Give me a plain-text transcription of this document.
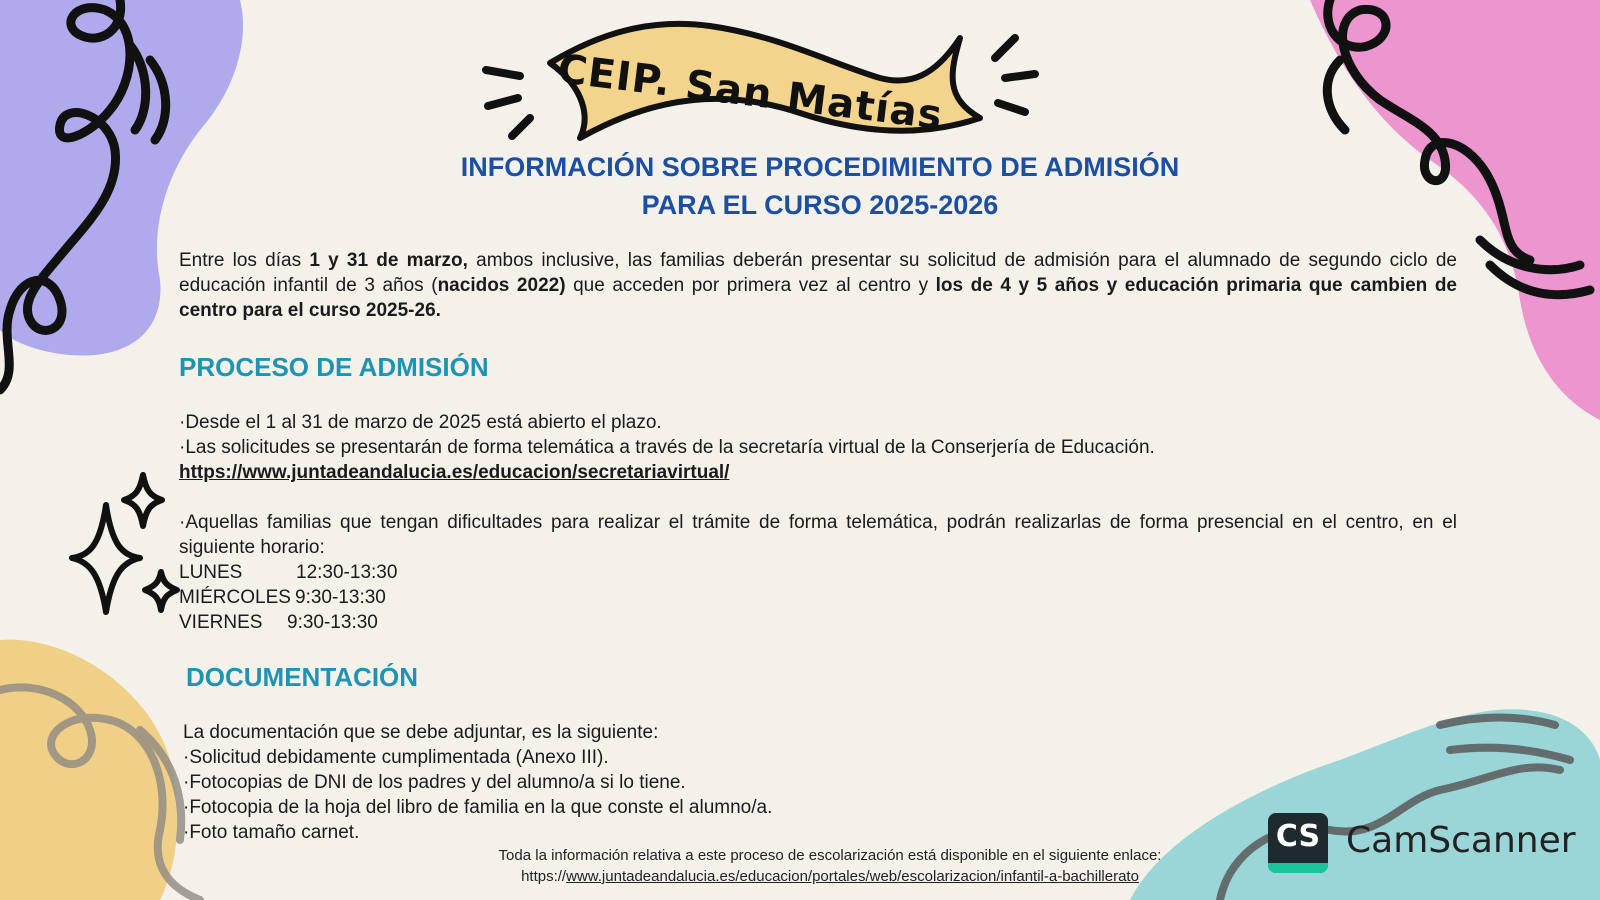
CEIP. San Matías
INFORMACIÓN SOBRE PROCEDIMIENTO DE ADMISIÓN
PARA EL CURSO 2025-2026
Entre los días 1 y 31 de marzo, ambos inclusive, las familias deberán presentar su solicitud de admisión para el alumnado de segundo ciclo de educación infantil de 3 años (nacidos 2022) que acceden por primera vez al centro y los de 4 y 5 años y educación primaria que cambien de centro para el curso 2025-26.
PROCESO DE ADMISIÓN

·Desde el 1 al 31 de marzo de 2025 está abierto el plazo.

·Las solicitudes se presentarán de forma telemática a través de la secretaría virtual de la Conserjería de Educación.

https://www.juntadeandalucia.es/educacion/secretariavirtual/

·Aquellas familias que tengan dificultades para realizar el trámite de forma telemática, podrán realizarlas de forma presencial en el centro, en el siguiente horario:

LUNES	12:30-13:30
MIÉRCOLES 9:30-13:30
VIERNES	9:30-13:30
DOCUMENTACIÓN

La documentación que se debe adjuntar, es la siguiente:

·Solicitud debidamente cumplimentada (Anexo III).

·Fotocopias de DNI de los padres y del alumno/a si lo tiene.

·Fotocopia de la hoja del libro de familia en la que conste el alumno/a.

·Foto tamaño carnet.

Toda la información relativa a este proceso de escolarización está disponible en el siguiente enlace:
https://www.juntadeandalucia.es/educacion/portales/web/escolarizacion/infantil-a-bachillerato
CS CamScanner
